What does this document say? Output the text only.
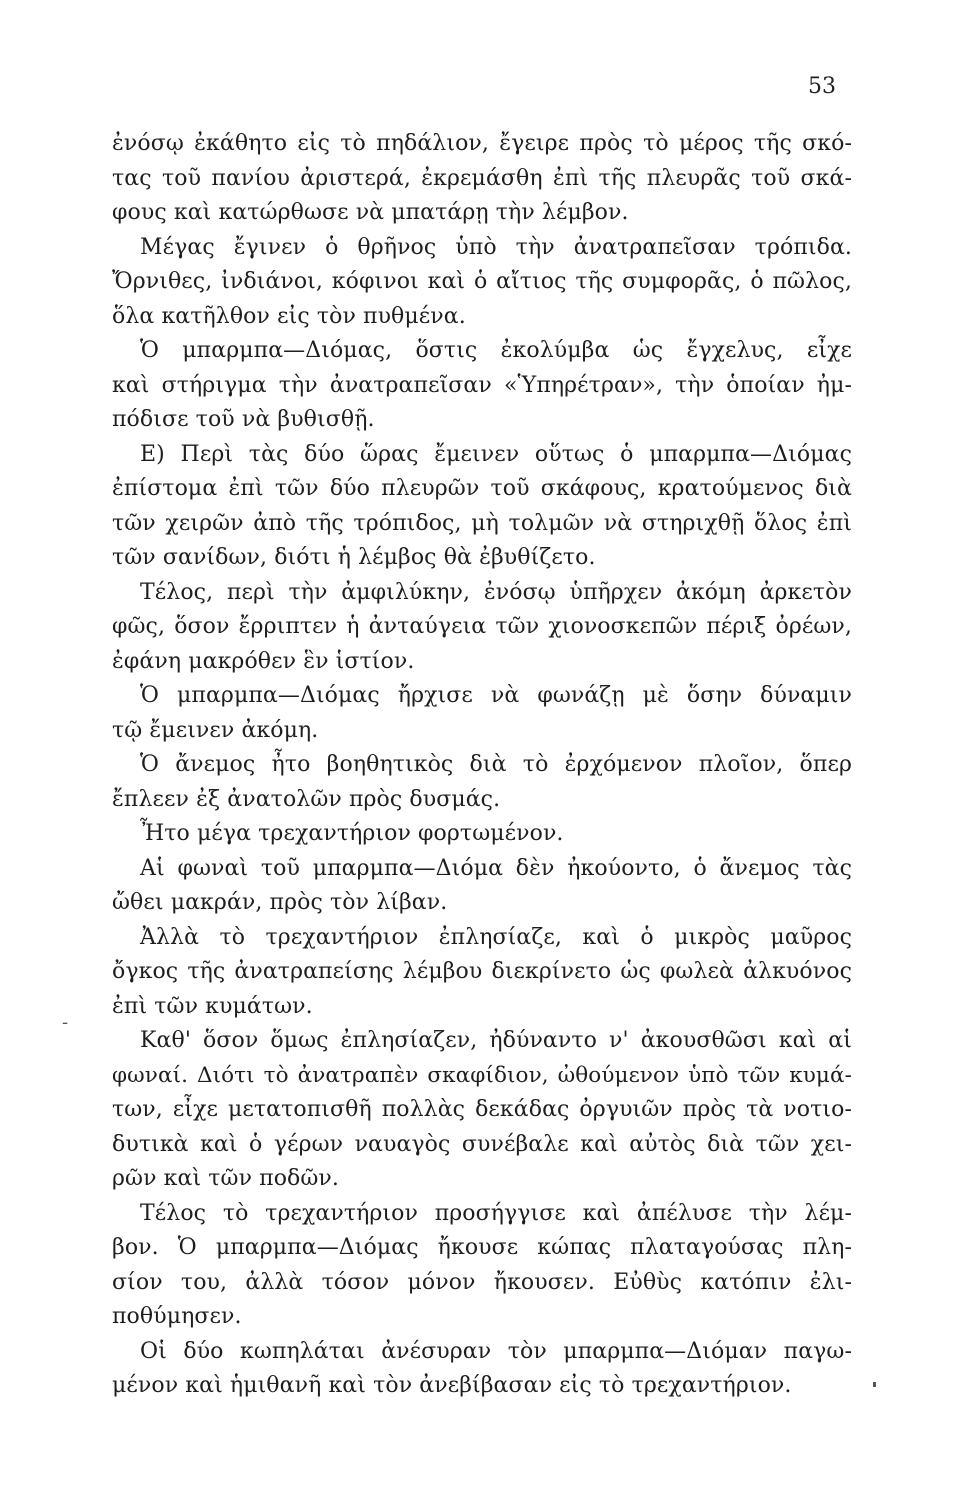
53
ἐνόσῳ ἐκάθητο εἰς τὸ πηδάλιον, ἔγειρε πρὸς τὸ μέρος τῆς σκό-
τας τοῦ πανίου ἀριστερά, ἐκρεμάσθη ἐπὶ τῆς πλευρᾶς τοῦ σκά-
φους καὶ κατώρθωσε νὰ μπατάρῃ τὴν λέμβον.
Μέγας ἔγινεν ὁ θρῆνος ὑπὸ τὴν ἀνατραπεῖσαν τρόπιδα.
Ὄρνιθες, ἰνδιάνοι, κόφινοι καὶ ὁ αἴτιος τῆς συμφορᾶς, ὁ πῶλος,
ὅλα κατῆλθον εἰς τὸν πυθμένα.
Ὁ μπαρμπα—Διόμας, ὅστις ἐκολύμβα ὡς ἔγχελυς, εἶχε
καὶ στήριγμα τὴν ἀνατραπεῖσαν «Ὑπηρέτραν», τὴν ὁποίαν ἠμ-
πόδισε τοῦ νὰ βυθισθῇ.
Ε) Περὶ τὰς δύο ὥρας ἔμεινεν οὕτως ὁ μπαρμπα—Διόμας
ἐπίστομα ἐπὶ τῶν δύο πλευρῶν τοῦ σκάφους, κρατούμενος διὰ
τῶν χειρῶν ἀπὸ τῆς τρόπιδος, μὴ τολμῶν νὰ στηριχθῇ ὅλος ἐπὶ
τῶν σανίδων, διότι ἡ λέμβος θὰ ἐβυθίζετο.
Τέλος, περὶ τὴν ἀμφιλύκην, ἐνόσῳ ὑπῆρχεν ἀκόμη ἀρκετὸν
φῶς, ὅσον ἔρριπτεν ἡ ἀνταύγεια τῶν χιονοσκεπῶν πέριξ ὀρέων,
ἐφάνη μακρόθεν ἓν ἱστίον.
Ὁ μπαρμπα—Διόμας ἤρχισε νὰ φωνάζῃ μὲ ὅσην δύναμιν
τῷ ἔμεινεν ἀκόμη.
Ὁ ἄνεμος ἦτο βοηθητικὸς διὰ τὸ ἐρχόμενον πλοῖον, ὅπερ
ἔπλεεν ἐξ ἀνατολῶν πρὸς δυσμάς.
Ἦτο μέγα τρεχαντήριον φορτωμένον.
Αἱ φωναὶ τοῦ μπαρμπα—Διόμα δὲν ἠκούοντο, ὁ ἄνεμος τὰς
ὤθει μακράν, πρὸς τὸν λίβαν.
Ἀλλὰ τὸ τρεχαντήριον ἐπλησίαζε, καὶ ὁ μικρὸς μαῦρος
ὄγκος τῆς ἀνατραπείσης λέμβου διεκρίνετο ὡς φωλεὰ ἀλκυόνος
ἐπὶ τῶν κυμάτων.
Καθ' ὅσον ὅμως ἐπλησίαζεν, ἠδύναντο ν' ἀκουσθῶσι καὶ αἱ
φωναί. Διότι τὸ ἀνατραπὲν σκαφίδιον, ὠθούμενον ὑπὸ τῶν κυμά-
των, εἶχε μετατοπισθῆ πολλὰς δεκάδας ὀργυιῶν πρὸς τὰ νοτιο-
δυτικὰ καὶ ὁ γέρων ναυαγὸς συνέβαλε καὶ αὐτὸς διὰ τῶν χει-
ρῶν καὶ τῶν ποδῶν.
Τέλος τὸ τρεχαντήριον προσήγγισε καὶ ἀπέλυσε τὴν λέμ-
βον. Ὁ μπαρμπα—Διόμας ἤκουσε κώπας πλαταγούσας πλη-
σίον του, ἀλλὰ τόσον μόνον ἤκουσεν. Εὐθὺς κατόπιν ἐλι-
ποθύμησεν.
Οἱ δύο κωπηλάται ἀνέσυραν τὸν μπαρμπα—Διόμαν παγω-
μένον καὶ ἡμιθανῆ καὶ τὸν ἀνεβίβασαν εἰς τὸ τρεχαντήριον.
-
